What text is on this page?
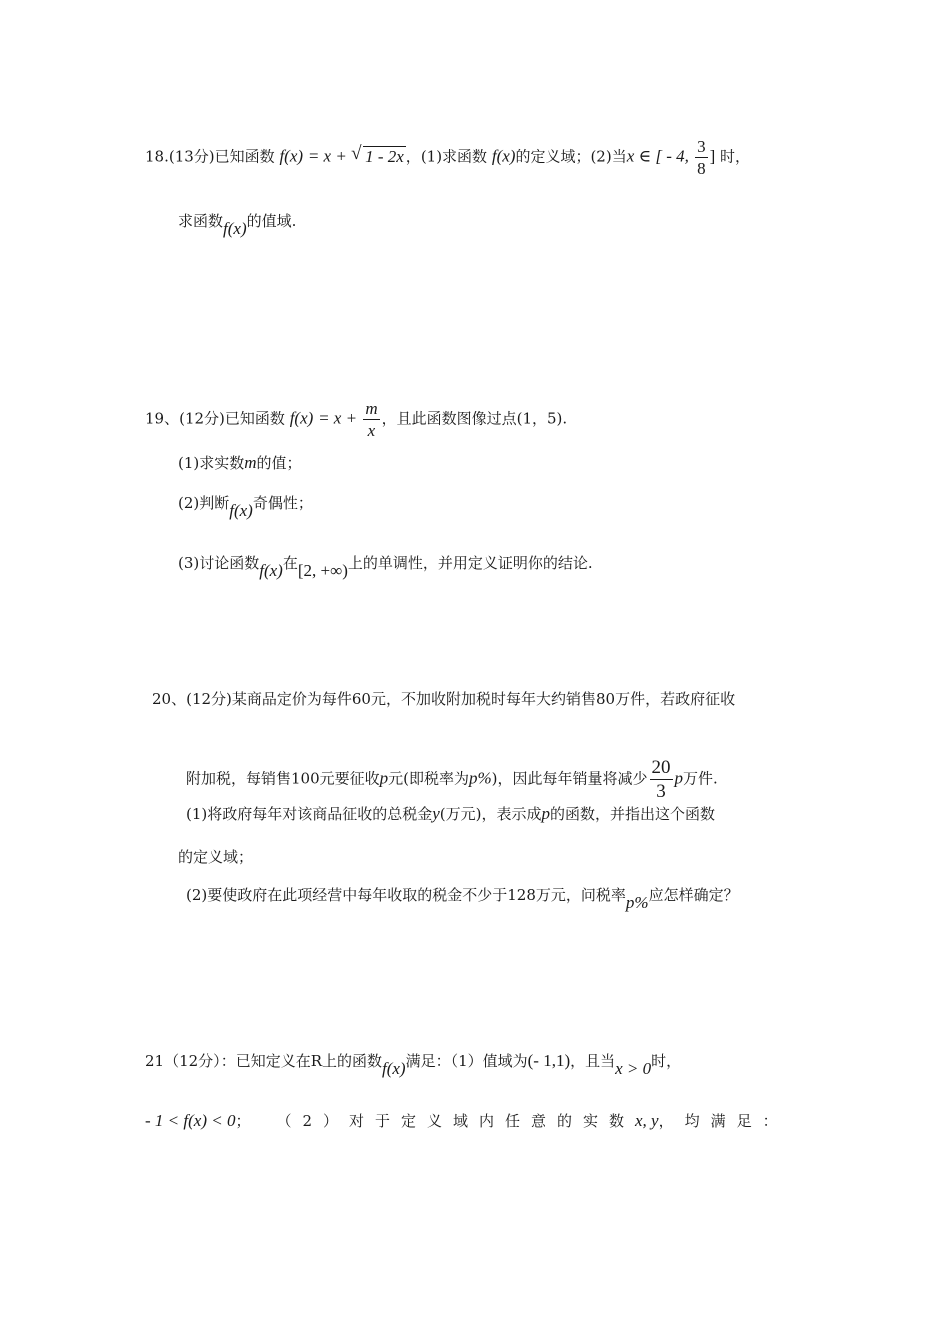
18.(13分)已知函数 f(x) = x + √ 1 - 2x ，(1)求函数 f(x)的定义域；(2)当x ∈ [ - 4, $\frac{3}{8}$ ] 时，
求函数f(x)的值域.
19、(12分)已知函数 $f(x) = x + \frac{m}{x}$ ，且此函数图像过点(1，5).
(1)求实数m的值；
(2)判断f(x)奇偶性；
(3)讨论函数f(x)在[2, +∞)上的单调性，并用定义证明你的结论.
20、(12分)某商品定价为每件60元，不加收附加税时每年大约销售80万件，若政府征收
附加税，每销售100元要征收p元(即税率为p%)，因此每年销量将减少 $\frac{20}{3}$ p万件.
(1)将政府每年对该商品征收的总税金y(万元)，表示成p的函数，并指出这个函数
的定义域；
(2)要使政府在此项经营中每年收取的税金不少于128万元，问税率p%应怎样确定？
21（12分）：已知定义在R上的函数f(x)满足：（1）值域为(- 1,1)，且当x > 0时，
- 1 < f(x) < 0 ； （2）对于定义域内任意的实数 x, y ，均满足：
